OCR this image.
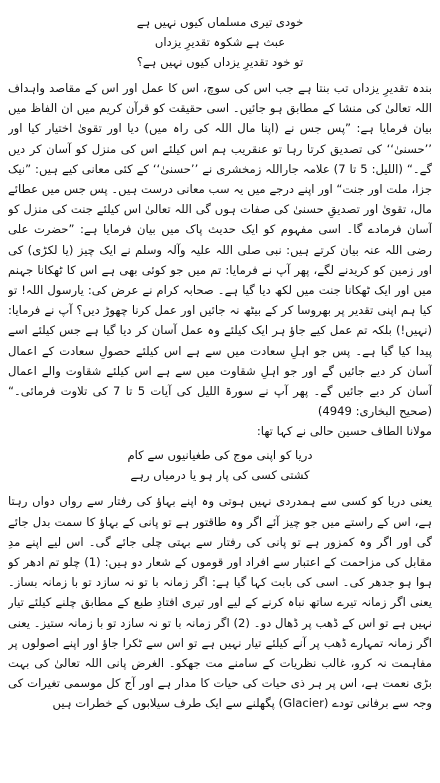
خودی تیری مسلماں کیوں نہیں ہے

عبث ہے شکوہ تقدیرِ یزداں

تو خود تقدیرِ یزداں کیوں نہیں ہے؟

بندہ تقدیرِ یزداں تب بنتا ہے جب اس کی سوچ، اس کا عمل اور اس کے مقاصد واہداف اللہ تعالیٰ کی منشا کے مطابق ہو جائیں۔ اسی حقیقت کو قرآن کریم میں ان الفاظ میں بیان فرمایا ہے: ”پس جس نے (اپنا مال اللہ کی راہ میں) دیا اور تقویٰ اختیار کیا اور ’’حسنیٰ‘‘ کی تصدیق کرتا رہا تو عنقریب ہم اس کیلئے اس کی منزل کو آسان کر دیں گے۔“ (اللیل: 5 تا 7) علامہ جاراللہ زمخشری نے ’’حسنیٰ‘‘ کے کئی معانی کیے ہیں: ”نیک جزا، ملت اور جنت“ اور اپنے درجے میں یہ سب معانی درست ہیں۔ پس جس میں عطائے مال، تقویٰ اور تصدیقِ حسنیٰ کی صفات ہوں گی اللہ تعالیٰ اس کیلئے جنت کی منزل کو آسان فرمادے گا۔ اسی مفہوم کو ایک حدیث پاک میں بیان فرمایا ہے: ”حضرت علی رضی اللہ عنہ بیان کرتے ہیں: نبی صلی اللہ علیہ وآلہ وسلم نے ایک چیز (یا لکڑی) کی اور زمین کو کریدنے لگے، پھر آپ نے فرمایا: تم میں جو کوئی بھی ہے اس کا ٹھکانا جہنم میں اور ایک ٹھکانا جنت میں لکھ دیا گیا ہے۔ صحابہ کرام نے عرض کی: یارسول اللہ! تو کیا ہم اپنی تقدیر پر بھروسا کر کے بیٹھ نہ جائیں اور عمل کرنا چھوڑ دیں؟ آپ نے فرمایا: (نہیں!) بلکہ تم عمل کیے جاؤ ہر ایک کیلئے وہ عمل آسان کر دیا گیا ہے جس کیلئے اسے پیدا کیا گیا ہے۔ پس جو اہلِ سعادت میں سے ہے اس کیلئے حصولِ سعادت کے اعمال آسان کر دیے جائیں گے اور جو اہلِ شقاوت میں سے ہے اس کیلئے شقاوت والے اعمال آسان کر دیے جائیں گے۔ پھر آپ نے سورۃ اللیل کی آیات 5 تا 7 کی تلاوت فرمائی۔“ (صحیح البخاری: 4949)

مولانا الطاف حسین حالی نے کہا تھا:

دریا کو اپنی موج کی طغیانیوں سے کام

کشتی کسی کی پار ہو یا درمیاں رہے

یعنی دریا کو کسی سے ہمدردی نہیں ہوتی وہ اپنے بہاؤ کی رفتار سے رواں دواں رہتا ہے، اس کے راستے میں جو چیز آئے اگر وہ طاقتور ہے تو پانی کے بہاؤ کا سمت بدل جائے گی اور اگر وہ کمزور ہے تو پانی کی رفتار سے بہتی چلی جائے گی۔ اس لیے اپنے مدِ مقابل کی مزاحمت کے اعتبار سے افراد اور قوموں کے شعار دو ہیں: (1) چلو تم ادھر کو ہوا ہو جدھر کی۔ اسی کی بابت کہا گیا ہے: اگر زمانہ با تو نہ سازد تو با زمانہ بساز۔ یعنی اگر زمانہ تیرے ساتھ نباہ کرنے کے لیے اور تیری افتادِ طبع کے مطابق چلنے کیلئے تیار نہیں ہے تو اس کے ڈھب پر ڈھال دو۔ (2) اگر زمانہ با تو نہ سازد تو با زمانہ ستیز۔ یعنی اگر زمانہ تمہارے ڈھب پر آنے کیلئے تیار نہیں ہے تو اس سے ٹکرا جاؤ اور اپنے اصولوں پر مفاہمت نہ کرو، غالب نظریات کے سامنے مت جھکو۔ الغرض پانی اللہ تعالیٰ کی بہت بڑی نعمت ہے، اس پر ہر ذی حیات کی حیات کا مدار ہے اور آج کل موسمی تغیرات کی وجہ سے برفانی تودے (Glacier) پگھلنے سے ایک طرف سیلابوں کے خطرات ہیں
